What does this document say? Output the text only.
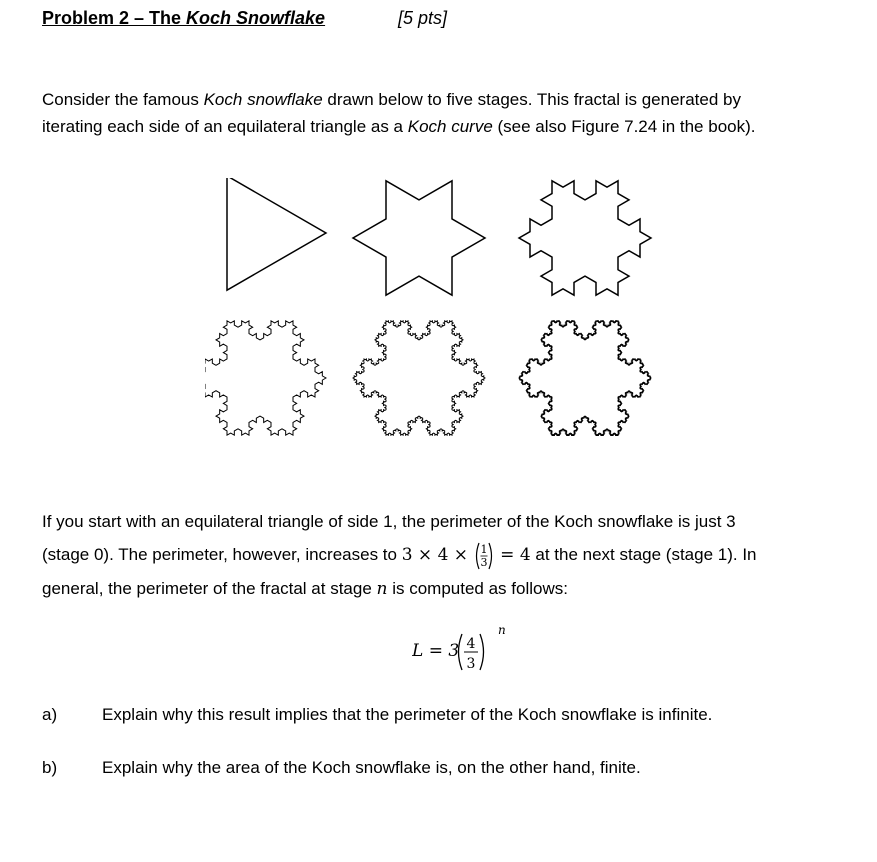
Problem 2 – The Koch Snowflake	[5 pts]
Consider the famous Koch snowflake drawn below to five stages. This fractal is generated by
iterating each side of an equilateral triangle as a Koch curve (see also Figure 7.24 in the book).
If you start with an equilateral triangle of side 1, the perimeter of the Koch snowflake is just 3
(stage 0). The perimeter, however, increases to 3 × 4 × 1
3 = 4 at the next stage (stage 1). In
general, the perimeter of the fractal at stage n is computed as follows:
L = 3 4
3
n
a)	Explain why this result implies that the perimeter of the Koch snowflake is infinite.
b)	Explain why the area of the Koch snowflake is, on the other hand, finite.
